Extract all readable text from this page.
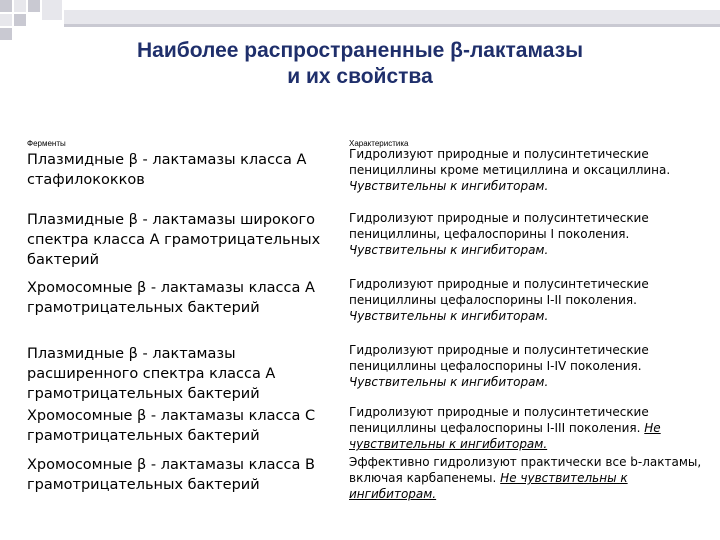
Наиболее распространенные β-лактамазы
и их свойства
Ферменты	Характеристика
Плазмидные β - лактамазы класса А стафилококков
Плазмидные β - лактамазы широкого спектра класса А грамотрицательных бактерий
Хромосомные β - лактамазы класса А грамотрицательных бактерий
Плазмидные β - лактамазы расширенного спектра класса А грамотрицательных бактерий
Хромосомные β - лактамазы класса С грамотрицательных бактерий
Хромосомные β - лактамазы класса В грамотрицательных бактерий
Гидролизуют природные и полусинтетические пенициллины кроме метициллина и оксациллина. Чувствительны к ингибиторам.
Гидролизуют природные и полусинтетические пенициллины, цефалоспорины I поколения. Чувствительны к ингибиторам.
Гидролизуют природные и полусинтетические пенициллины цефалоспорины I-II поколения. Чувствительны к ингибиторам.
Гидролизуют природные и полусинтетические пенициллины цефалоспорины I-IV поколения. Чувствительны к ингибиторам.
Гидролизуют природные и полусинтетические пенициллины цефалоспорины I-III поколения. Не чувствительны к ингибиторам.
Эффективно гидролизуют практически все b-лактамы, включая карбапенемы. Не чувствительны к ингибиторам.
